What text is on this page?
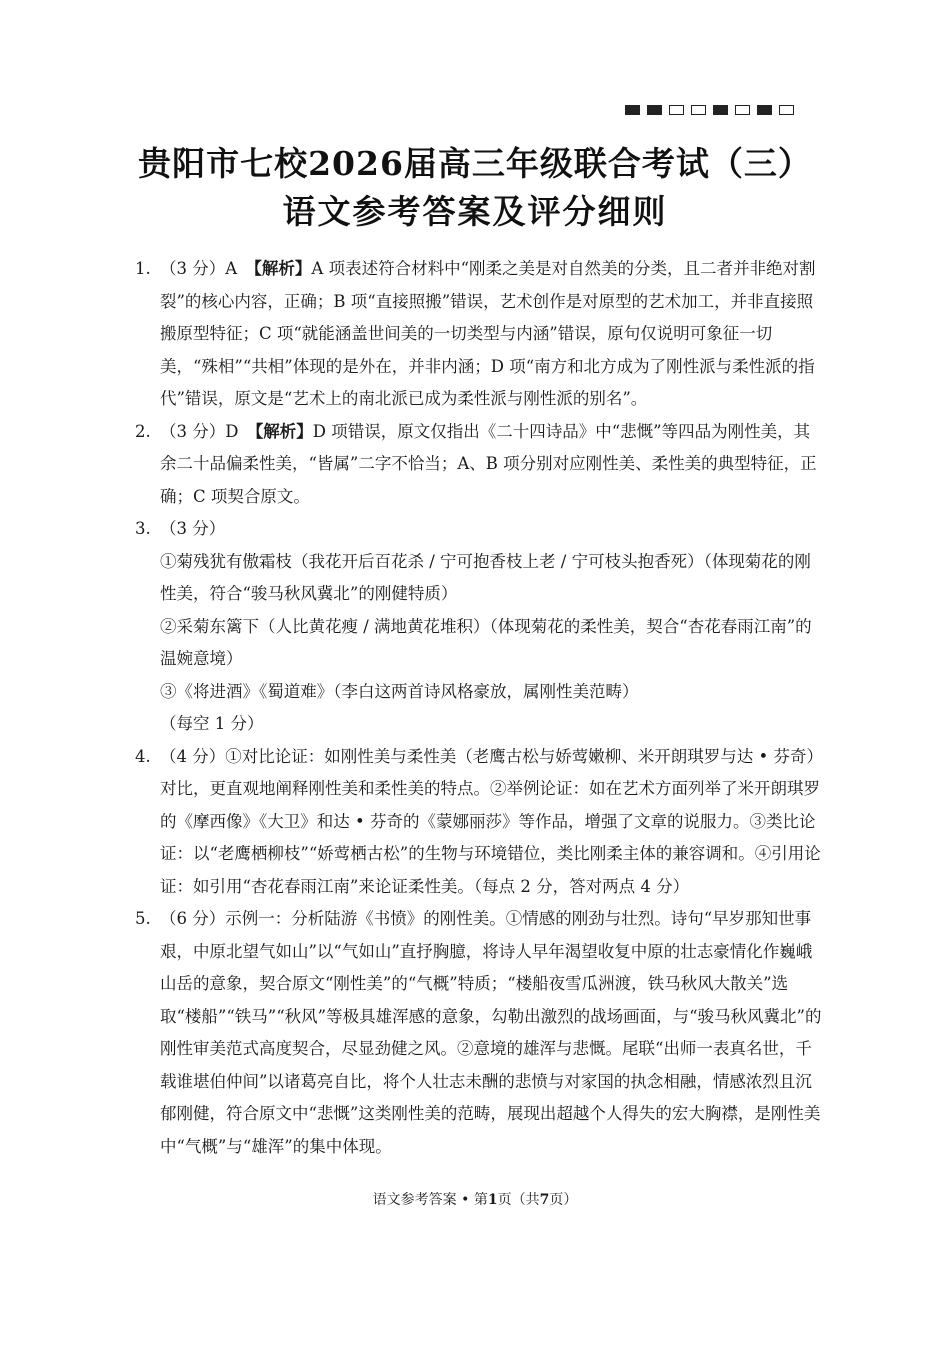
贵阳市七校2026届高三年级联合考试（三）
语文参考答案及评分细则
1. （3 分）A　【解析】A 项表述符合材料中“刚柔之美是对自然美的分类，且二者并非绝对割裂”的核心内容，正确；B 项“直接照搬”错误，艺术创作是对原型的艺术加工，并非直接照搬原型特征；C 项“就能涵盖世间美的一切类型与内涵”错误，原句仅说明可象征一切美，“殊相”“共相”体现的是外在，并非内涵；D 项“南方和北方成为了刚性派与柔性派的指代”错误，原文是“艺术上的南北派已成为柔性派与刚性派的别名”。
2. （3 分）D　【解析】D 项错误，原文仅指出《二十四诗品》中“悲慨”等四品为刚性美，其余二十品偏柔性美，“皆属”二字不恰当；A、B 项分别对应刚性美、柔性美的典型特征，正确；C 项契合原文。
3. （3 分）
①菊残犹有傲霜枝（我花开后百花杀 / 宁可抱香枝上老 / 宁可枝头抱香死）（体现菊花的刚性美，符合“骏马秋风冀北”的刚健特质）
②采菊东篱下（人比黄花瘦 / 满地黄花堆积）（体现菊花的柔性美，契合“杏花春雨江南”的温婉意境）
③《将进酒》《蜀道难》（李白这两首诗风格豪放，属刚性美范畴）
（每空 1 分）
4. （4 分）①对比论证：如刚性美与柔性美（老鹰古松与娇莺嫩柳、米开朗琪罗与达 • 芬奇）对比，更直观地阐释刚性美和柔性美的特点。②举例论证：如在艺术方面列举了米开朗琪罗的《摩西像》《大卫》和达 • 芬奇的《蒙娜丽莎》等作品，增强了文章的说服力。③类比论证：以“老鹰栖柳枝”“娇莺栖古松”的生物与环境错位，类比刚柔主体的兼容调和。④引用论证：如引用“杏花春雨江南”来论证柔性美。（每点 2 分，答对两点 4 分）
5. （6 分）示例一：分析陆游《书愤》的刚性美。①情感的刚劲与壮烈。诗句“早岁那知世事艰，中原北望气如山”以“气如山”直抒胸臆，将诗人早年渴望收复中原的壮志豪情化作巍峨山岳的意象，契合原文“刚性美”的“气概”特质；“楼船夜雪瓜洲渡，铁马秋风大散关”选取“楼船”“铁马”“秋风”等极具雄浑感的意象，勾勒出激烈的战场画面，与“骏马秋风冀北”的刚性审美范式高度契合，尽显劲健之风。②意境的雄浑与悲慨。尾联“出师一表真名世，千载谁堪伯仲间”以诸葛亮自比，将个人壮志未酬的悲愤与对家国的执念相融，情感浓烈且沉郁刚健，符合原文中“悲慨”这类刚性美的范畴，展现出超越个人得失的宏大胸襟，是刚性美中“气概”与“雄浑”的集中体现。
语文参考答案 • 第1页（共7页）
